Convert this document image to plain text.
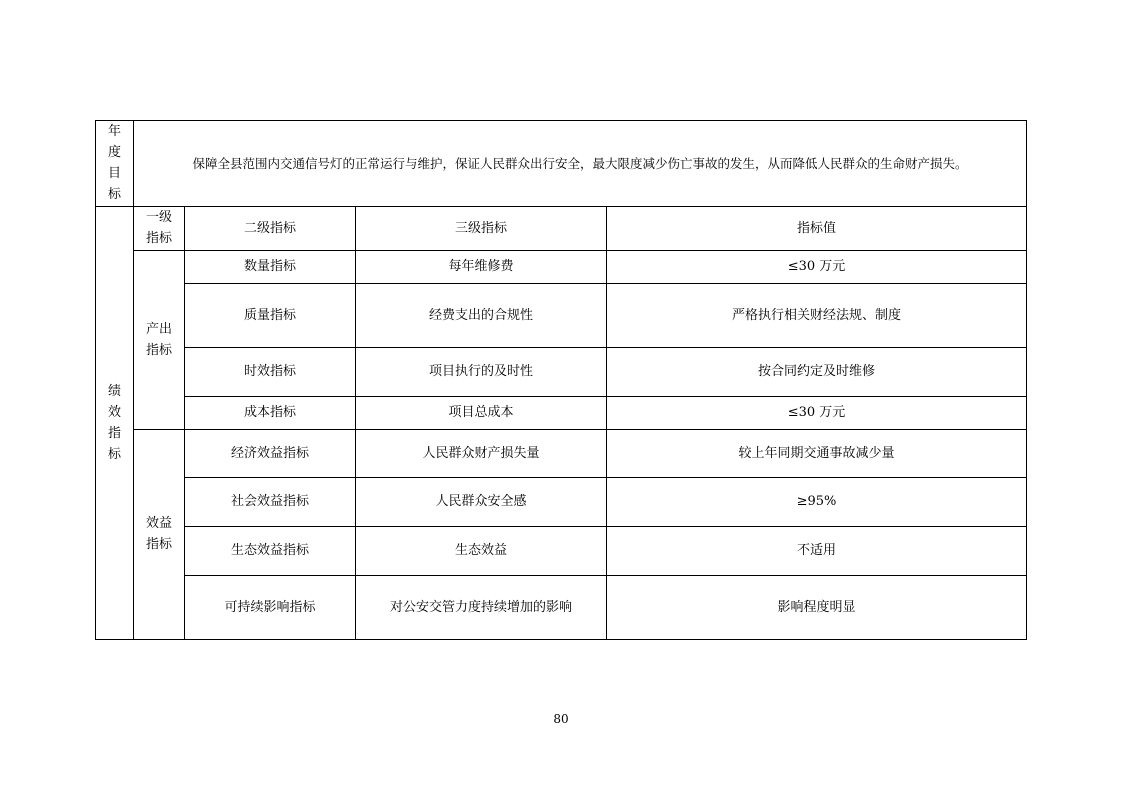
年度目标	保障全县范围内交通信号灯的正常运行与维护，保证人民群众出行安全，最大限度减少伤亡事故的发生，从而降低人民群众的生命财产损失。			
绩效指标	一级指标	二级指标	三级指标	指标值
	产出指标	数量指标	每年维修费	≤30 万元
		质量指标	经费支出的合规性	严格执行相关财经法规、制度
		时效指标	项目执行的及时性	按合同约定及时维修
		成本指标	项目总成本	≤30 万元
	效益指标	经济效益指标	人民群众财产损失量	较上年同期交通事故减少量
		社会效益指标	人民群众安全感	≥95%
		生态效益指标	生态效益	不适用
		可持续影响指标	对公安交管力度持续增加的影响	影响程度明显
80
